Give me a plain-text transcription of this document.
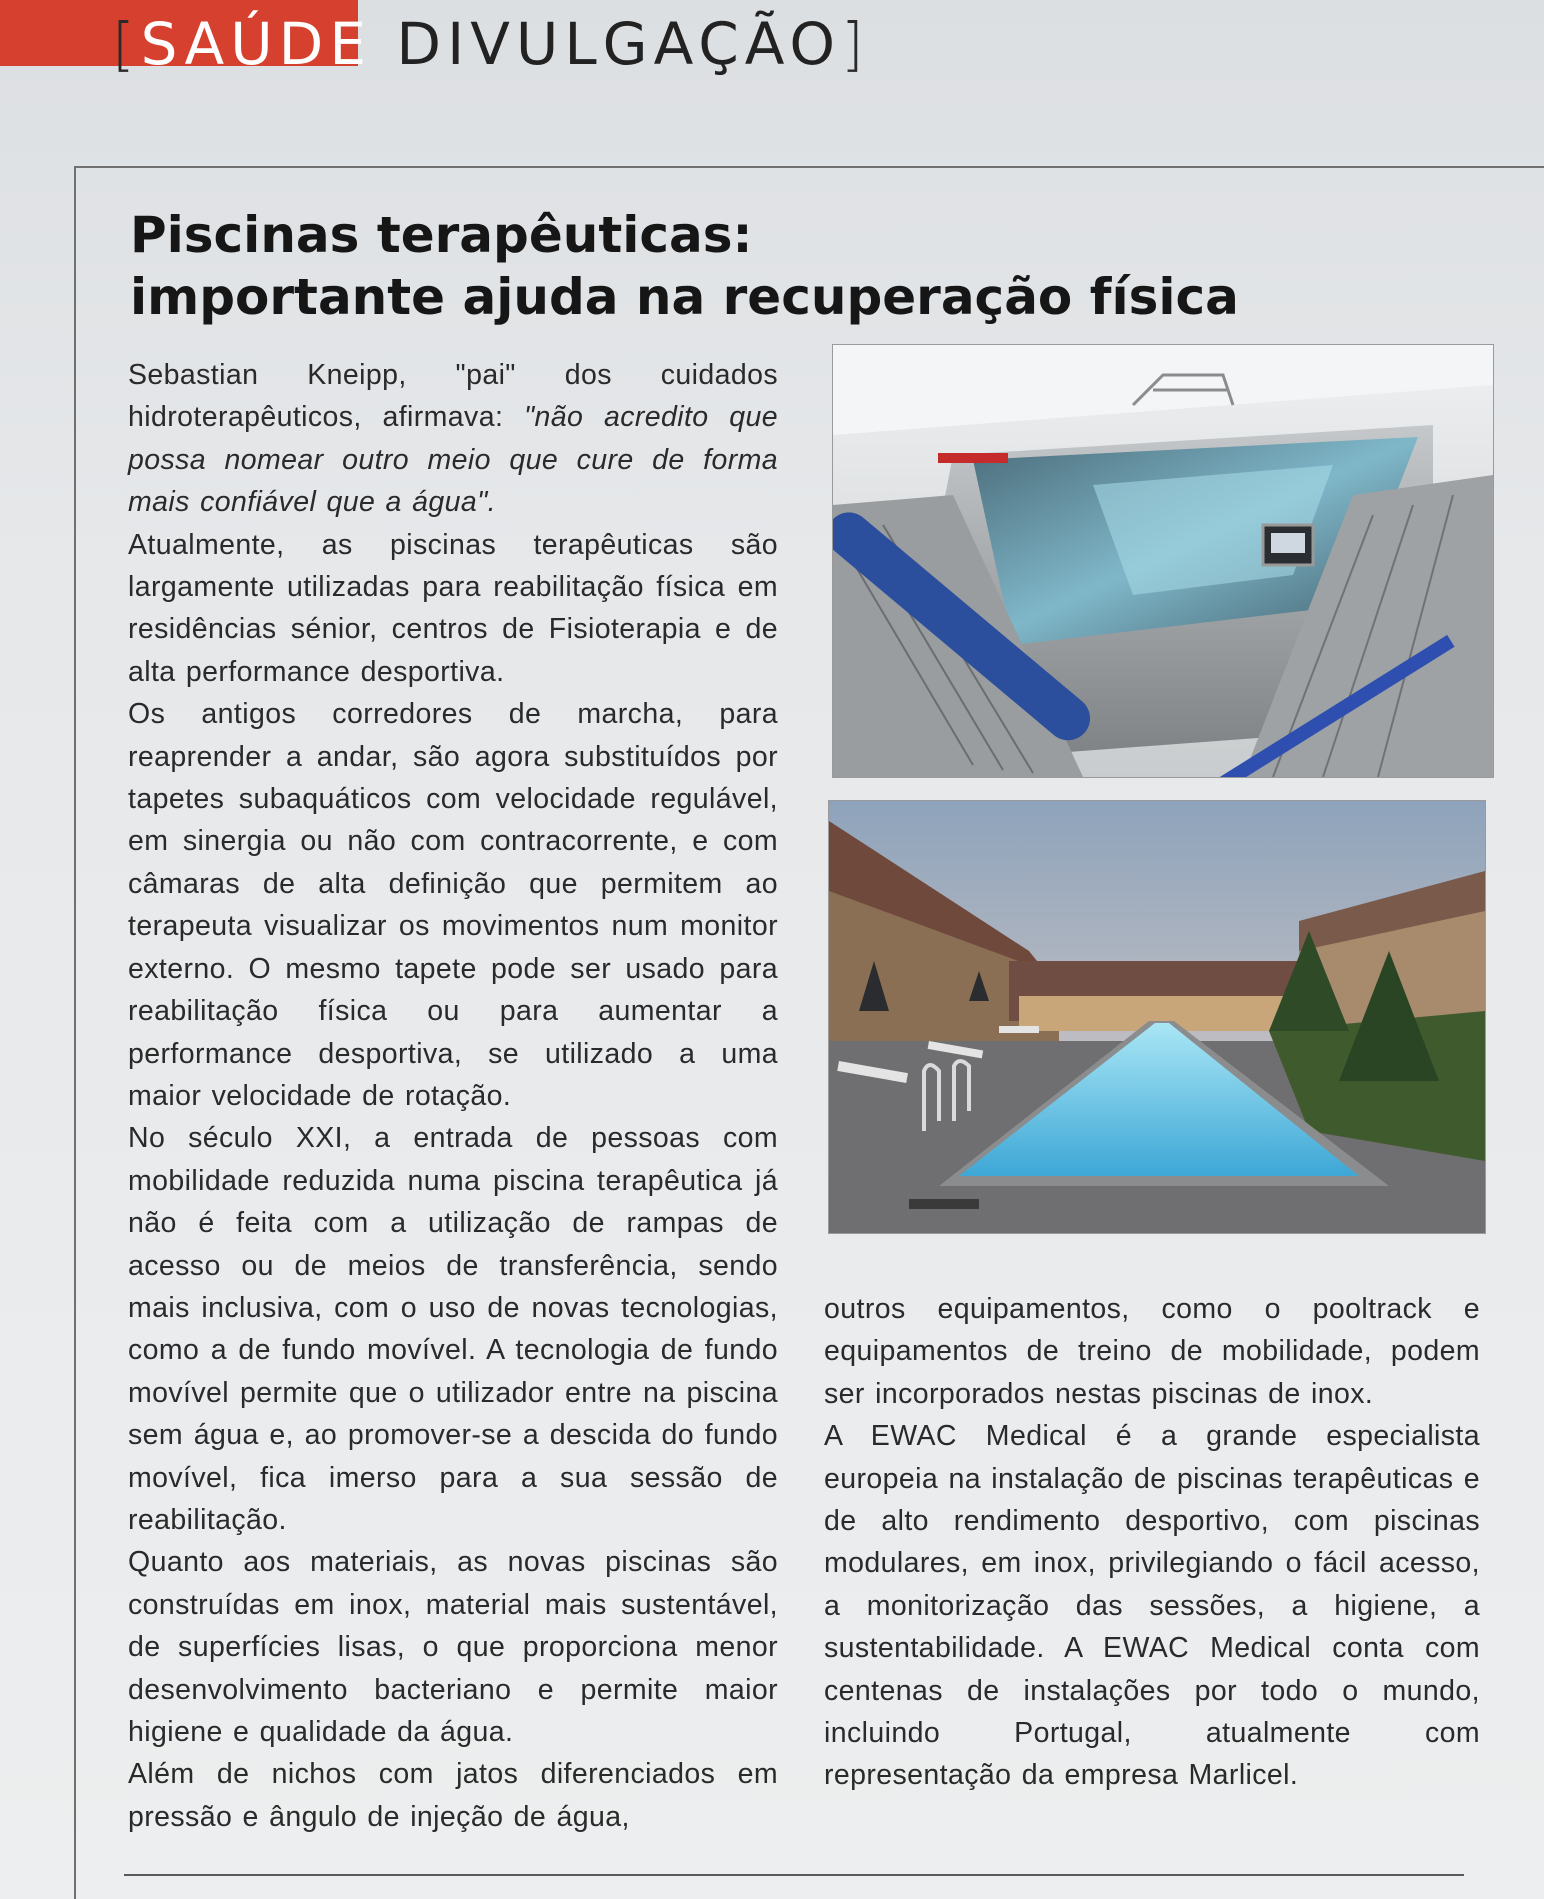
[SAÚDE DIVULGAÇÃO]
Piscinas terapêuticas:
importante ajuda na recuperação física

Sebastian Kneipp, "pai" dos cuidados hidroterapêuticos, afirmava: "não acredito que possa nomear outro meio que cure de forma mais confiável que a água".

Atualmente, as piscinas terapêuticas são largamente utilizadas para reabilitação física em residências sénior, centros de Fisioterapia e de alta performance desportiva.

Os antigos corredores de marcha, para reaprender a andar, são agora substituídos por tapetes subaquáticos com velocidade regulável, em sinergia ou não com contracorrente, e com câmaras de alta definição que permitem ao terapeuta visualizar os movimentos num monitor externo. O mesmo tapete pode ser usado para reabilitação física ou para aumentar a performance desportiva, se utilizado a uma maior velocidade de rotação.

No século XXI, a entrada de pessoas com mobilidade reduzida numa piscina terapêutica já não é feita com a utilização de rampas de acesso ou de meios de transferência, sendo mais inclusiva, com o uso de novas tecnologias, como a de fundo movível. A tecnologia de fundo movível permite que o utilizador entre na piscina sem água e, ao promover-se a descida do fundo movível, fica imerso para a sua sessão de reabilitação.

Quanto aos materiais, as novas piscinas são construídas em inox, material mais sustentável, de superfícies lisas, o que proporciona menor desenvolvimento bacteriano e permite maior higiene e qualidade da água.

Além de nichos com jatos diferenciados em pressão e ângulo de injeção de água,

outros equipamentos, como o pooltrack e equipamentos de treino de mobilidade, podem ser incorporados nestas piscinas de inox.

A EWAC Medical é a grande especialista europeia na instalação de piscinas terapêuticas e de alto rendimento desportivo, com piscinas modulares, em inox, privilegiando o fácil acesso, a monitorização das sessões, a higiene, a sustentabilidade. A EWAC Medical conta com centenas de instalações por todo o mundo, incluindo Portugal, atualmente com representação da empresa Marlicel.
